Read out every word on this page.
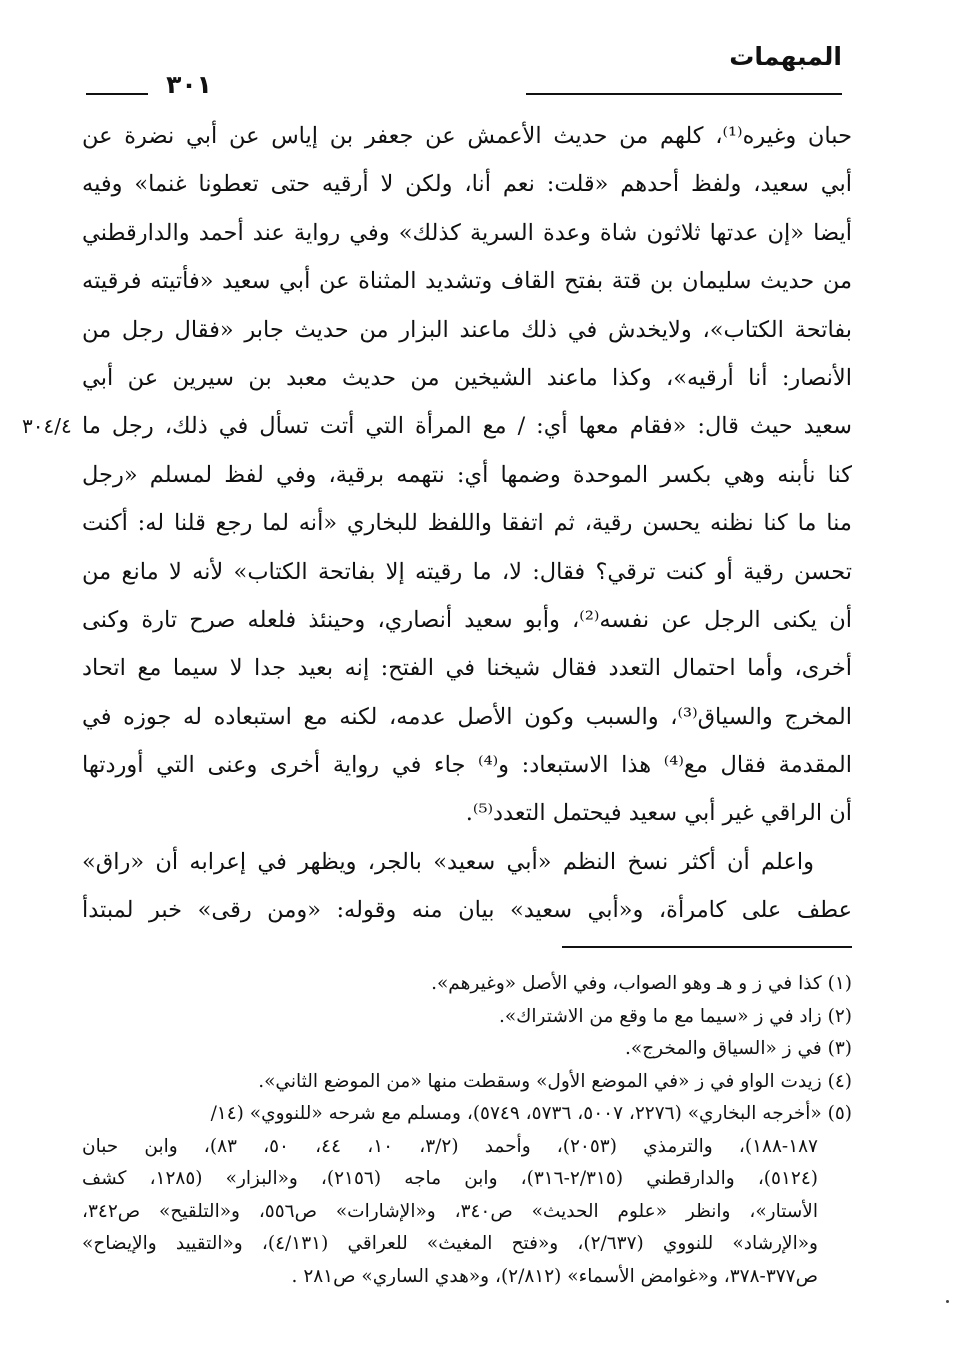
المبهمات
٣٠١
٣٠٤/٤
حبان وغيره⁽¹⁾، كلهم من حديث الأعمش عن جعفر بن إياس عن أبي نضرة عن
أبي سعيد، ولفظ أحدهم «قلت: نعم أنا، ولكن لا أرقيه حتى تعطونا غنما» وفيه
أيضا «إن عدتها ثلاثون شاة وعدة السرية كذلك» وفي رواية عند أحمد والدارقطني
من حديث سليمان بن قتة بفتح القاف وتشديد المثناة عن أبي سعيد «فأتيته فرقيته
بفاتحة الكتاب»، ولايخدش في ذلك ماعند البزار من حديث جابر «فقال رجل من
الأنصار: أنا أرقيه»، وكذا ماعند الشيخين من حديث معبد بن سيرين عن أبي
سعيد حيث قال: «فقام معها أي: / مع المرأة التي أتت تسأل في ذلك، رجل ما
كنا نأبنه وهي بكسر الموحدة وضمها أي: نتهمه برقية، وفي لفظ لمسلم «رجل
منا ما كنا نظنه يحسن رقية، ثم اتفقا واللفظ للبخاري «أنه لما رجع قلنا له: أكنت
تحسن رقية أو كنت ترقي؟ فقال: لا، ما رقيته إلا بفاتحة الكتاب» لأنه لا مانع من
أن يكنى الرجل عن نفسه⁽²⁾، وأبو سعيد أنصاري، وحينئذ فلعله صرح تارة وكنى
أخرى، وأما احتمال التعدد فقال شيخنا في الفتح: إنه بعيد جدا لا سيما مع اتحاد
المخرج والسياق⁽³⁾، والسبب وكون الأصل عدمه، لكنه مع استبعاده له جوزه في
المقدمة فقال مع⁽⁴⁾ هذا الاستبعاد: و⁽⁴⁾ جاء في رواية أخرى وعنى التي أوردتها
أن الراقي غير أبي سعيد فيحتمل التعدد⁽⁵⁾.
واعلم أن أكثر نسخ النظم «أبي سعيد» بالجر، ويظهر في إعرابه أن «راق»
عطف على كامرأة، و«أبي سعيد» بيان منه وقوله: «ومن رقى» خبر لمبتدأ
(١) كذا في ز و هـ وهو الصواب، وفي الأصل «وغيرهم».
(٢) زاد في ز «سيما مع ما وقع من الاشتراك».
(٣) في ز «السياق والمخرج».
(٤) زيدت الواو في ز «في الموضع الأول» وسقطت منها «من الموضع الثاني».
(٥) «أخرجه البخاري» (٢٢٧٦، ٥٠٠٧، ٥٧٣٦، ٥٧٤٩)، ومسلم مع شرحه «للنووي» (١٤/
١٨٧-١٨٨)، والترمذي (٢٠٥٣)، وأحمد (٣/٢، ١٠، ٤٤، ٥٠، ٨٣)، وابن حبان
(٥١٢٤)، والدارقطني (٢/٣١٥-٣١٦)، وابن ماجه (٢١٥٦)، و«البزار» (١٢٨٥، كشف
الأستار»، وانظر «علوم الحديث» ص٣٤٠، و«الإشارات» ص٥٥٦، و«التلقيح» ص٣٤٢،
و«الإرشاد» للنووي (٢/٦٣٧)، و«فتح المغيث» للعراقي (٤/١٣١)، و«التقييد والإيضاح»
ص٣٧٧-٣٧٨، و«غوامض الأسماء» (٢/٨١٢)، و«هدي الساري» ص٢٨١ .
